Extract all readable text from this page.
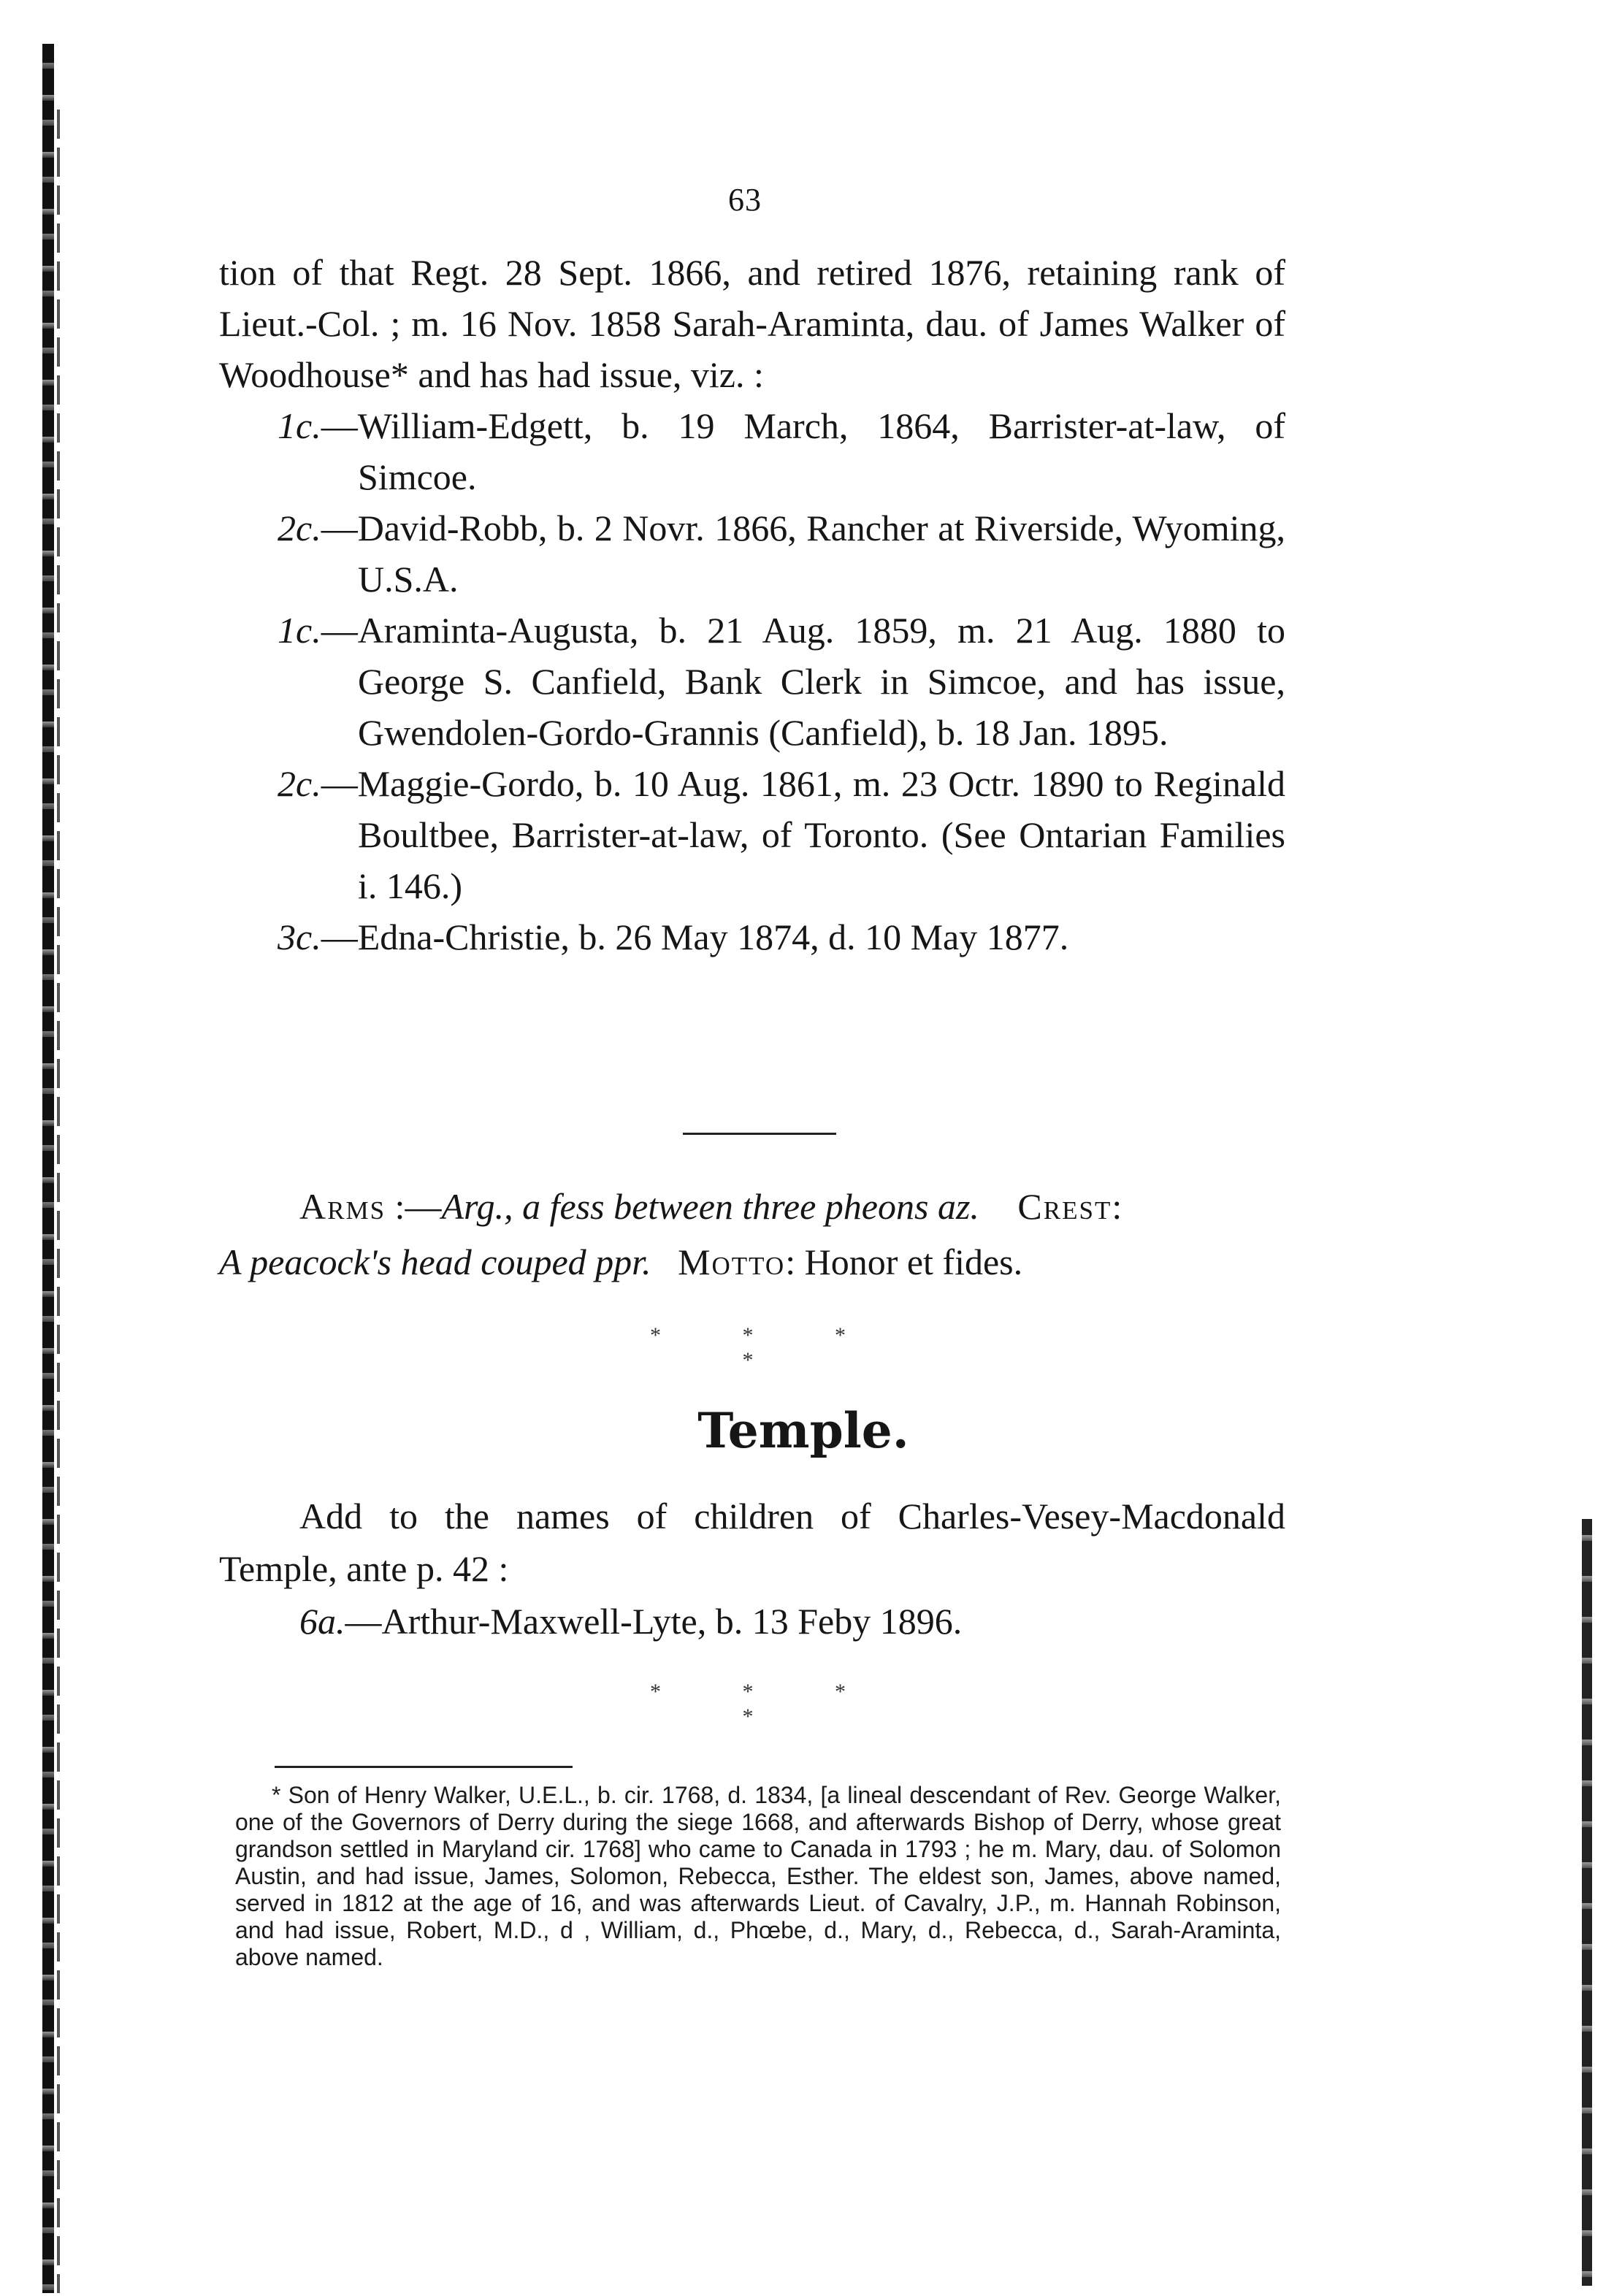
63

tion of that Regt. 28 Sept. 1866, and retired 1876, retaining rank of Lieut.-Col. ; m. 16 Nov. 1858 Sarah-Araminta, dau. of James Walker of Woodhouse* and has had issue, viz. :

1c.—William-Edgett, b. 19 March, 1864, Barrister-at-law, of Simcoe.

2c.—David-Robb, b. 2 Novr. 1866, Rancher at Riverside, Wyoming, U.S.A.

1c.—Araminta-Augusta, b. 21 Aug. 1859, m. 21 Aug. 1880 to George S. Canfield, Bank Clerk in Simcoe, and has issue, Gwendolen-Gordo-Grannis (Canfield), b. 18 Jan. 1895.

2c.—Maggie-Gordo, b. 10 Aug. 1861, m. 23 Octr. 1890 to Reginald Boultbee, Barrister-at-law, of Toronto. (See Ontarian Families i. 146.)

3c.—Edna-Christie, b. 26 May 1874, d. 10 May 1877.

Arms :—Arg., a fess between three pheons az. Crest:

A peacock's head couped ppr. Motto: Honor et fides.

* * * *
Temple.

Add to the names of children of Charles-Vesey-Macdonald Temple, ante p. 42 :

6a.—Arthur-Maxwell-Lyte, b. 13 Feby 1896.

* * * *

* Son of Henry Walker, U.E.L., b. cir. 1768, d. 1834, [a lineal descendant of Rev. George Walker, one of the Governors of Derry during the siege 1668, and afterwards Bishop of Derry, whose great grandson settled in Maryland cir. 1768] who came to Canada in 1793 ; he m. Mary, dau. of Solomon Austin, and had issue, James, Solomon, Rebecca, Esther. The eldest son, James, above named, served in 1812 at the age of 16, and was afterwards Lieut. of Cavalry, J.P., m. Hannah Robinson, and had issue, Robert, M.D., d , William, d., Phœbe, d., Mary, d., Rebecca, d., Sarah-Araminta, above named.
